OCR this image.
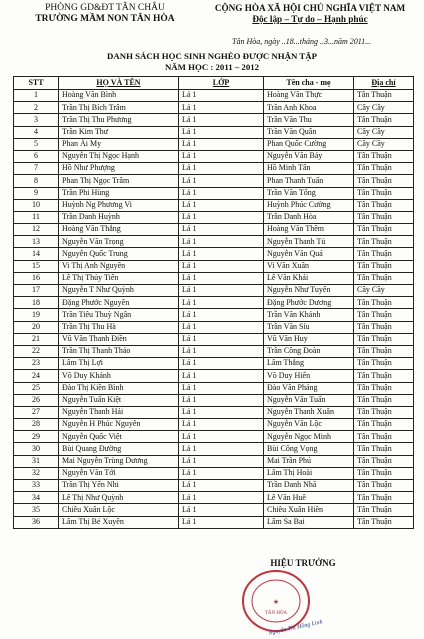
PHÒNG GD&ĐT TÂN CHÂU
TRƯỜNG MẦM NON TÂN HÒA
CỘNG HÒA XÃ HỘI CHỦ NGHĨA VIỆT NAM
Độc lập – Tự do – Hạnh phúc
Tân Hòa, ngày ..18...tháng ..3...năm 2011...
DANH SÁCH HỌC SINH NGHÈO ĐƯỢC NHẬN TẬP
NĂM HỌC : 2011 – 2012
STT	HỌ VÀ TÊN	LỚP	Tên cha - mẹ	Địa chỉ
1	Hoàng Văn Bình	Lá 1	Hoàng Văn Thực	Tân Thuận
2	Trần Thị Bích Trâm	Lá 1	Trần Anh Khoa	Cây Cầy
3	Trần Thị Thu Phương	Lá 1	Trần Văn Thu	Tân Thuận
4	Trần Kim Thư	Lá 1	Trần Văn Quân	Cây Cầy
5	Phan Ái My	Lá 1	Phan Quốc Cường	Cây Cầy
6	Nguyễn Thị Ngọc Hạnh	Lá 1	Nguyễn Văn Bảy	Tân Thuận
7	Hồ Như Phượng	Lá 1	Hồ Minh Tân	Tân Thuận
8	Phan Thị Ngọc Trâm	Lá 1	Phan Thanh Tuấn	Tân Thuận
9	Trần Phi Hùng	Lá 1	Trần Văn Tổng	Tân Thuận
10	Huỳnh Ng Phương Vi	Lá 1	Huỳnh Phúc Cường	Tân Thuận
11	Trần Danh Huỳnh	Lá 1	Trần Danh Hòa	Tân Thuận
12	Hoàng Văn Thắng	Lá 1	Hoàng Văn Thêm	Tân Thuận
13	Nguyễn Văn Trọng	Lá 1	Nguyễn Thanh Tú	Tân Thuận
14	Nguyễn Quốc Trung	Lá 1	Nguyễn Văn Quá	Tân Thuận
15	Vi Thị Anh Nguyên	Lá 1	Vi Văn Xuân	Tân Thuận
16	Lê Thị Thủy Tiên	Lá 1	Lê Văn Khải	Tân Thuận
17	Nguyễn T Như Quỳnh	Lá 1	Nguyễn Như Tuyên	Cây Cầy
18	Đặng Phước Nguyên	Lá 1	Đặng Phước Dương	Tân Thuận
19	Trần Tiêu Thuỳ Ngân	Lá 1	Trần Văn Khánh	Tân Thuận
20	Trần Thị Thu Hà	Lá 1	Trần Văn Sỉu	Tân Thuận
21	Vũ Văn Thanh Điền	Lá 1	Vũ Văn Huy	Tân Thuận
22	Trần Thị Thanh Thảo	Lá 1	Trần Công Đoàn	Tân Thuận
23	Lâm Thị Lợi	Lá 1	Lâm Thắng	Tân Thuận
24	Võ Duy Khánh	Lá 1	Võ Duy Hiển	Tân Thuận
25	Đào Thị Kiền Bình	Lá 1	Đào Văn Pháng	Tân Thuận
26	Nguyễn Tuấn Kiệt	Lá 1	Nguyễn Văn Tuấn	Tân Thuận
27	Nguyễn Thanh Hải	Lá 1	Nguyễn Thanh Xuân	Tân Thuận
28	Nguyễn H Phúc Nguyên	Lá 1	Nguyễn Văn Lộc	Tân Thuận
29	Nguyễn Quốc Việt	Lá 1	Nguyễn Ngọc Minh	Tân Thuận
30	Bùi Quang Đường	Lá 1	Bùi Công Vọng	Tân Thuận
31	Mai Nguyễn Trùng Dương	Lá 1	Mai Trần Phú	Tân Thuận
32	Nguyễn Văn Tới	Lá 1	Lâm Thị Hoài	Tân Thuận
33	Trần Thị Yến Nhi	Lá 1	Trần Danh Nhã	Tân Thuận
34	Lê Thị Như Quỳnh	Lá 1	Lê Văn Huê	Tân Thuận
35	Chiêu Xuân Lộc	Lá 1	Chiêu Xuân Hiền	Tân Thuận
36	Lâm Thị Bé Xuyên	Lá 1	Lâm Sa Bai	Tân Thuận
HIỆU TRƯỞNG
★
TÂN HÒA
Nguyễn Thị Hồng Linh
